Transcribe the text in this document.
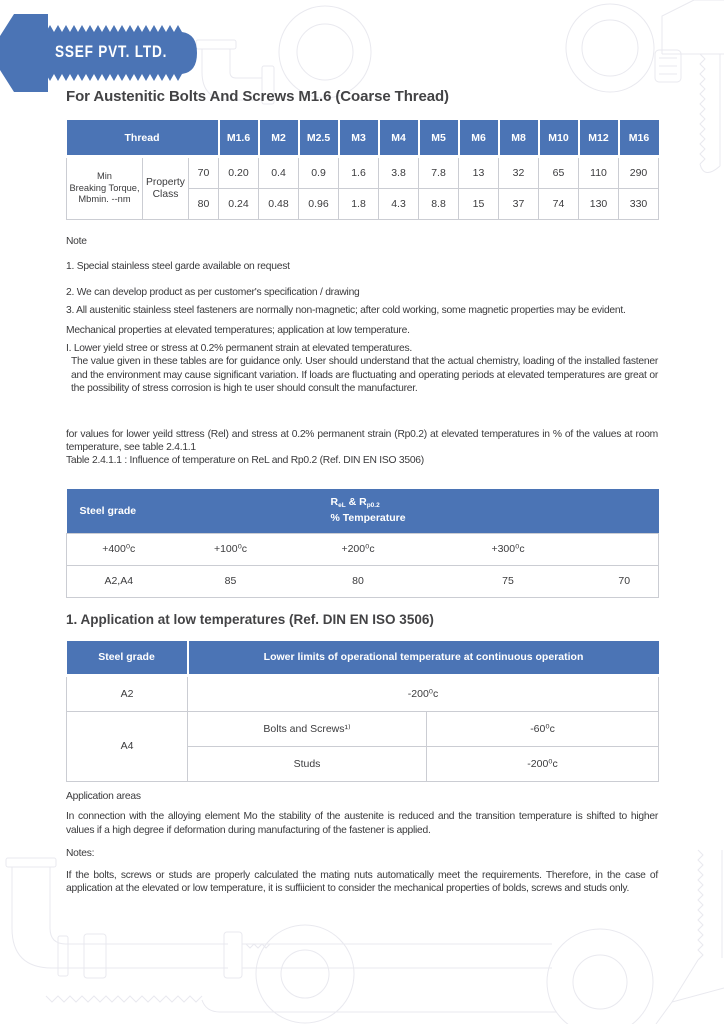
SSEF PVT. LTD.
For Austenitic Bolts And Screws M1.6 (Coarse Thread)
Thread			M1.6	M2	M2.5	M3	M4	M5	M6	M8	M10	M12	M16

Min
Breaking Torque,
Mbmin. --nm	Property Class	70	0.20	0.4	0.9	1.6	3.8	7.8	13	32	65	110	290
		80	0.24	0.48	0.96	1.8	4.3	8.8	15	37	74	130	330
Note
1. Special stainless steel garde available on request
2. We can develop product as per customer's specification / drawing
3. All austenitic stainless steel fasteners are normally non-magnetic; after cold working, some magnetic properties may be evident.
Mechanical properties at elevated temperatures; application at low temperature.
I. Lower yield stree or stress at 0.2% permanent strain at elevated temperatures.
The value given in these tables are for guidance only. User should understand that the actual chemistry, loading of the installed fastener and the environment may cause significant variation. If loads are fluctuating and operating periods at elevated temperatures are great or the possibility of stress corrosion is high te user should consult the manufacturer.
for values for lower yeild sttress (Rel) and stress at 0.2% permanent strain (Rp0.2) at elevated temperatures in % of the values at room temperature, see table 2.4.1.1
Table 2.4.1.1 : Influence of temperature on ReL and Rp0.2 (Ref. DIN EN ISO 3506)
Steel grade		ReL & Rp0.2
% Temperature		

+400⁰c	+100⁰c	+200⁰c	+300⁰c	
A2,A4	85	80	75	70
1. Application at low temperatures (Ref. DIN EN ISO 3506)
Steel grade	Lower limits of operational temperature at continuous operation	
A2	-200⁰c	
A4	Bolts and Screws¹⁾	-60⁰c
	Studs	-200⁰c
Application areas
In connection with the alloying element Mo the stability of the austenite is reduced and the transition temperature is shifted to higher values if a high degree if deformation during manufacturing of the fastener is applied.
Notes:
If the bolts, screws or studs are properly calculated the mating nuts automatically meet the requirements. Therefore, in the case of application at the elevated or low temperature, it is suffiicient to consider the mechanical properties of bolds, screws and studs only.
